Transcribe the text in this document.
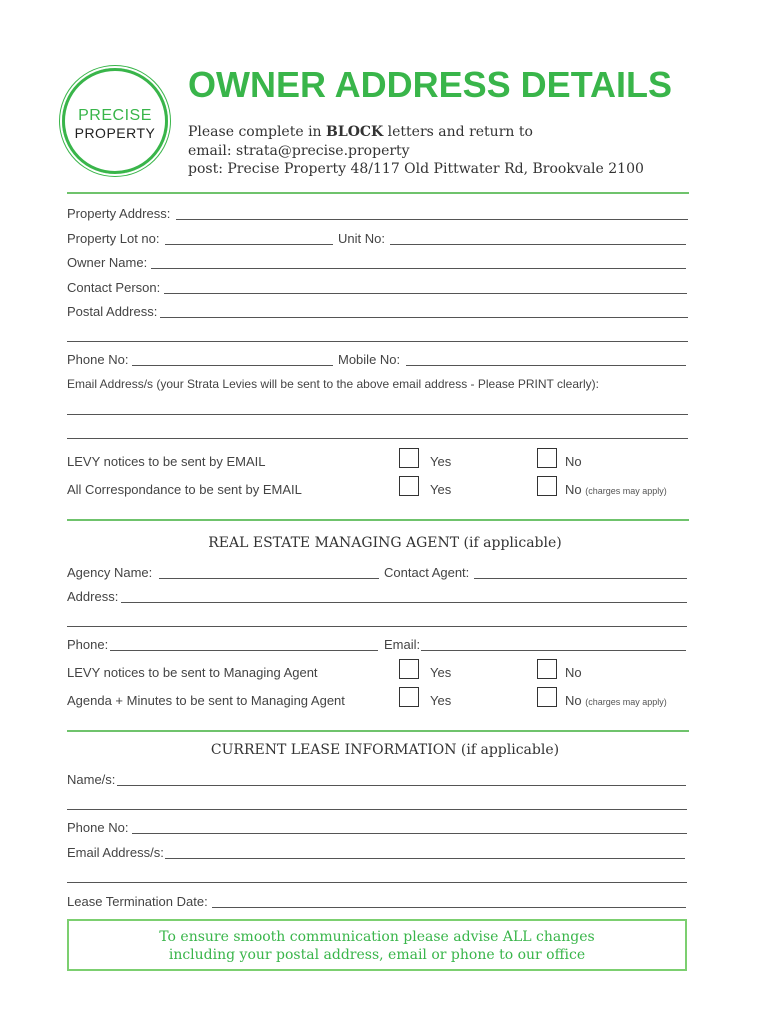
PRECISE
PROPERTY
OWNER ADDRESS DETAILS
Please complete in BLOCK letters and return to
email: strata@precise.property
post: Precise Property 48/117 Old Pittwater Rd, Brookvale 2100
Property Address:
Property Lot no:	Unit No:
Owner Name:
Contact Person:
Postal Address:
Phone No:	Mobile No:
Email Address/s (your Strata Levies will be sent to the above email address - Please PRINT clearly):
LEVY notices to be sent by EMAIL	Yes	No
All Correspondance to be sent by EMAIL	Yes	No (charges may apply)
REAL ESTATE MANAGING AGENT (if applicable)
Agency Name:	Contact Agent:
Address:
Phone:	Email:
LEVY notices to be sent to Managing Agent	Yes	No
Agenda + Minutes to be sent to Managing Agent	Yes	No (charges may apply)
CURRENT LEASE INFORMATION (if applicable)
Name/s:
Phone No:
Email Address/s:
Lease Termination Date:
To ensure smooth communication please advise ALL changes
including your postal address, email or phone to our office
